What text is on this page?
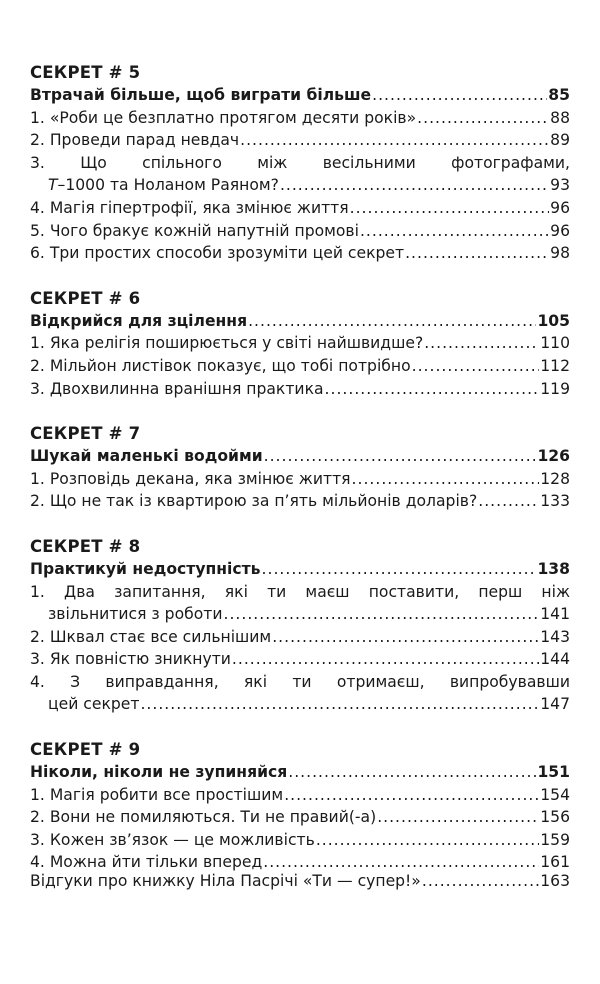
СЕКРЕТ # 5
Втрачай більше, щоб виграти більше .....	85
1. «Роби це безплатно протягом десяти років» .....	88
2. Проведи парад невдач .....	89
3. Що спільного між весільними фотографами,
T–1000 та Ноланом Раяном? .....	93
4. Магія гіпертрофії, яка змінює життя .....	96
5. Чого бракує кожній напутній промові .....	96
6. Три простих способи зрозуміти цей секрет .....	98
СЕКРЕТ # 6
Відкрийся для зцілення .....	105
1. Яка релігія поширюється у світі найшвидше? .....	110
2. Мільйон листівок показує, що тобі потрібно .....	112
3. Двохвилинна вранішня практика .....	119
СЕКРЕТ # 7
Шукай маленькі водойми .....	126
1. Розповідь декана, яка змінює життя .....	128
2. Що не так із квартирою за п’ять мільйонів доларів? .....	133
СЕКРЕТ # 8
Практикуй недоступність .....	138
1. Два запитання, які ти маєш поставити, перш ніж
звільнитися з роботи .....	141
2. Шквал стає все сильнішим .....	143
3. Як повністю зникнути .....	144
4. З виправдання, які ти отримаєш, випробувавши
цей секрет .....	147
СЕКРЕТ # 9
Ніколи, ніколи не зупиняйся .....	151
1. Магія робити все простішим .....	154
2. Вони не помиляються. Ти не правий(-а) .....	156
3. Кожен зв’язок — це можливість .....	159
4. Можна йти тільки вперед .....	161
Відгуки про книжку Ніла Пасрічі «Ти — супер!» .....	163
